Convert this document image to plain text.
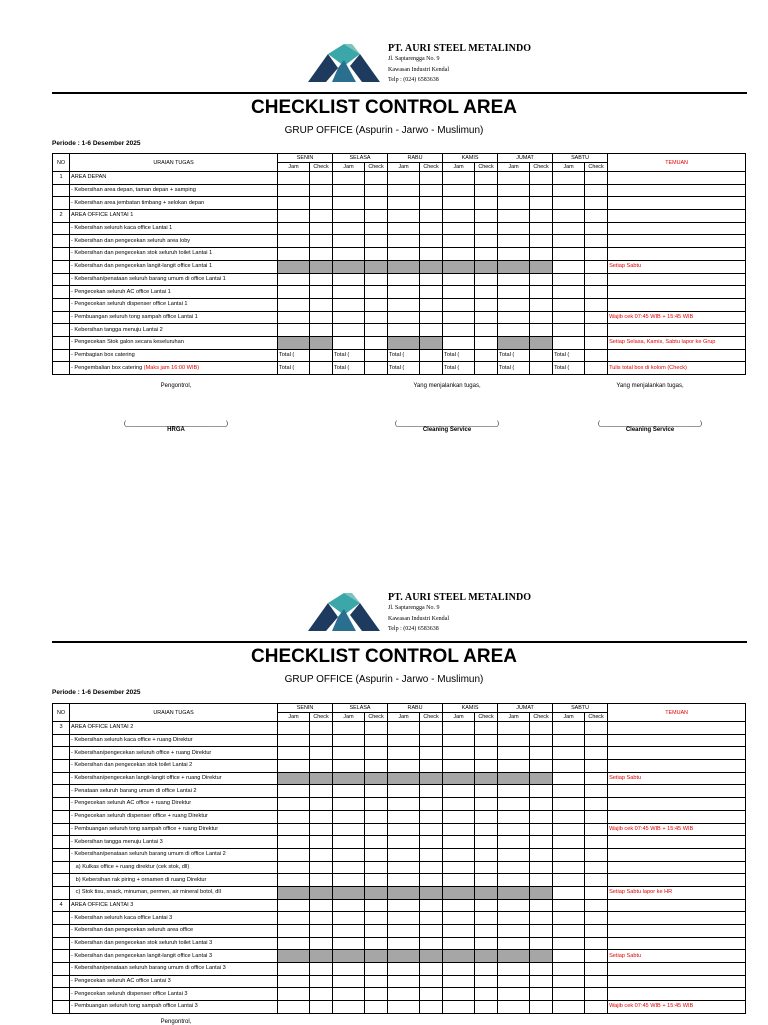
PT. AURI STEEL METALINDO
Jl. Saptarengga No. 9
Kawasan Industri Kendal
Telp : (024) 6583638
CHECKLIST CONTROL AREA
GRUP OFFICE (Aspurin - Jarwo - Muslimun)
Periode : 1-6 Desember 2025
NO	URAIAN TUGAS	SENIN		SELASA		RABU		KAMIS		JUMAT		SABTU		TEMUAN
		Jam	Check	Jam	Check	Jam	Check	Jam	Check	Jam	Check	Jam	Check	
1	AREA DEPAN													
	- Kebersihan area depan, taman depan + samping													
	- Kebersihan area jembatan timbang + selokan depan													
2	AREA OFFICE LANTAI 1													
	- Kebersihan seluruh kaca office Lantai 1													
	- Kebersihan dan pengecekan seluruh area loby													
	- Kebersihan dan pengecekan stok seluruh toilet Lantai 1													
	- Kebersihan dan pengecekan langit-langit office Lantai 1													Setiap Sabtu
	- Kebersihan/penataan seluruh barang umum di office Lantai 1													
	- Pengecekan seluruh AC office Lantai 1													
	- Pengecekan seluruh dispenser office Lantai 1													
	- Pembuangan seluruh tong sampah office Lantai 1													Wajib cek 07:45 WIB + 15:45 WIB
	- Kebersihan tangga menuju Lantai 2													
	- Pengecekan Stok galon secara keseluruhan													Setiap Selasa, Kamis, Sabtu lapor ke Grup
	- Pembagian box catering	Total (		Total (		Total (		Total (		Total (		Total (		
	- Pengembalian box catering (Maks jam 16:00 WIB)	Total (		Total (		Total (		Total (		Total (		Total (		Tulis total box di kolom (Check)
Pengontrol,
(______________________________)
HRGA
Yang menjalankan tugas,
(______________________________)
Cleaning Service
Yang menjalankan tugas,
(______________________________)
Cleaning Service
PT. AURI STEEL METALINDO
Jl. Saptarengga No. 9
Kawasan Industri Kendal
Telp : (024) 6583638
CHECKLIST CONTROL AREA
GRUP OFFICE (Aspurin - Jarwo - Muslimun)
Periode : 1-6 Desember 2025
NO	URAIAN TUGAS	SENIN		SELASA		RABU		KAMIS		JUMAT		SABTU		TEMUAN
		Jam	Check	Jam	Check	Jam	Check	Jam	Check	Jam	Check	Jam	Check	
3	AREA OFFICE LANTAI 2													
	- Kebersihan seluruh kaca office + ruang Direktur													
	- Kebersihan/pengecekan seluruh office + ruang Direktur													
	- Kebersihan dan pengecekan stok toilet Lantai 2													
	- Kebersihan/pengecekan langit-langit office + ruang Direktur													Setiap Sabtu
	- Penataan seluruh barang umum di office Lantai 2													
	- Pengecekan seluruh AC office + ruang Direktur													
	- Pengecekan seluruh dispenser office + ruang Direktur													
	- Pembuangan seluruh tong sampah office + ruang Direktur													Wajib cek 07:45 WIB + 15:45 WIB
	- Kebersihan tangga menuju Lantai 3													
	- Kebersihan/penataan seluruh barang umum di office Lantai 2													
	a) Kulkas office + ruang direktur (cek stok, dll)													
	b) Kebersihan rak piring + ornamen di ruang Direktur													
	c) Stok tisu, snack, minuman, permen, air mineral botol, dll													Setiap Sabtu lapor ke HR
4	AREA OFFICE LANTAI 3													
	- Kebersihan seluruh kaca office Lantai 3													
	- Kebersihan dan pengecekan seluruh area office													
	- Kebersihan dan pengecekan stok seluruh toilet Lantai 3													
	- Kebersihan dan pengecekan langit-langit office Lantai 3													Setiap Sabtu
	- Kebersihan/penataan seluruh barang umum di office Lantai 3													
	- Pengecekan seluruh AC office Lantai 3													
	- Pengecekan seluruh dispenser office Lantai 3													
	- Pembuangan seluruh tong sampah office Lantai 3													Wajib cek 07:45 WIB + 15:45 WIB
Pengontrol,
